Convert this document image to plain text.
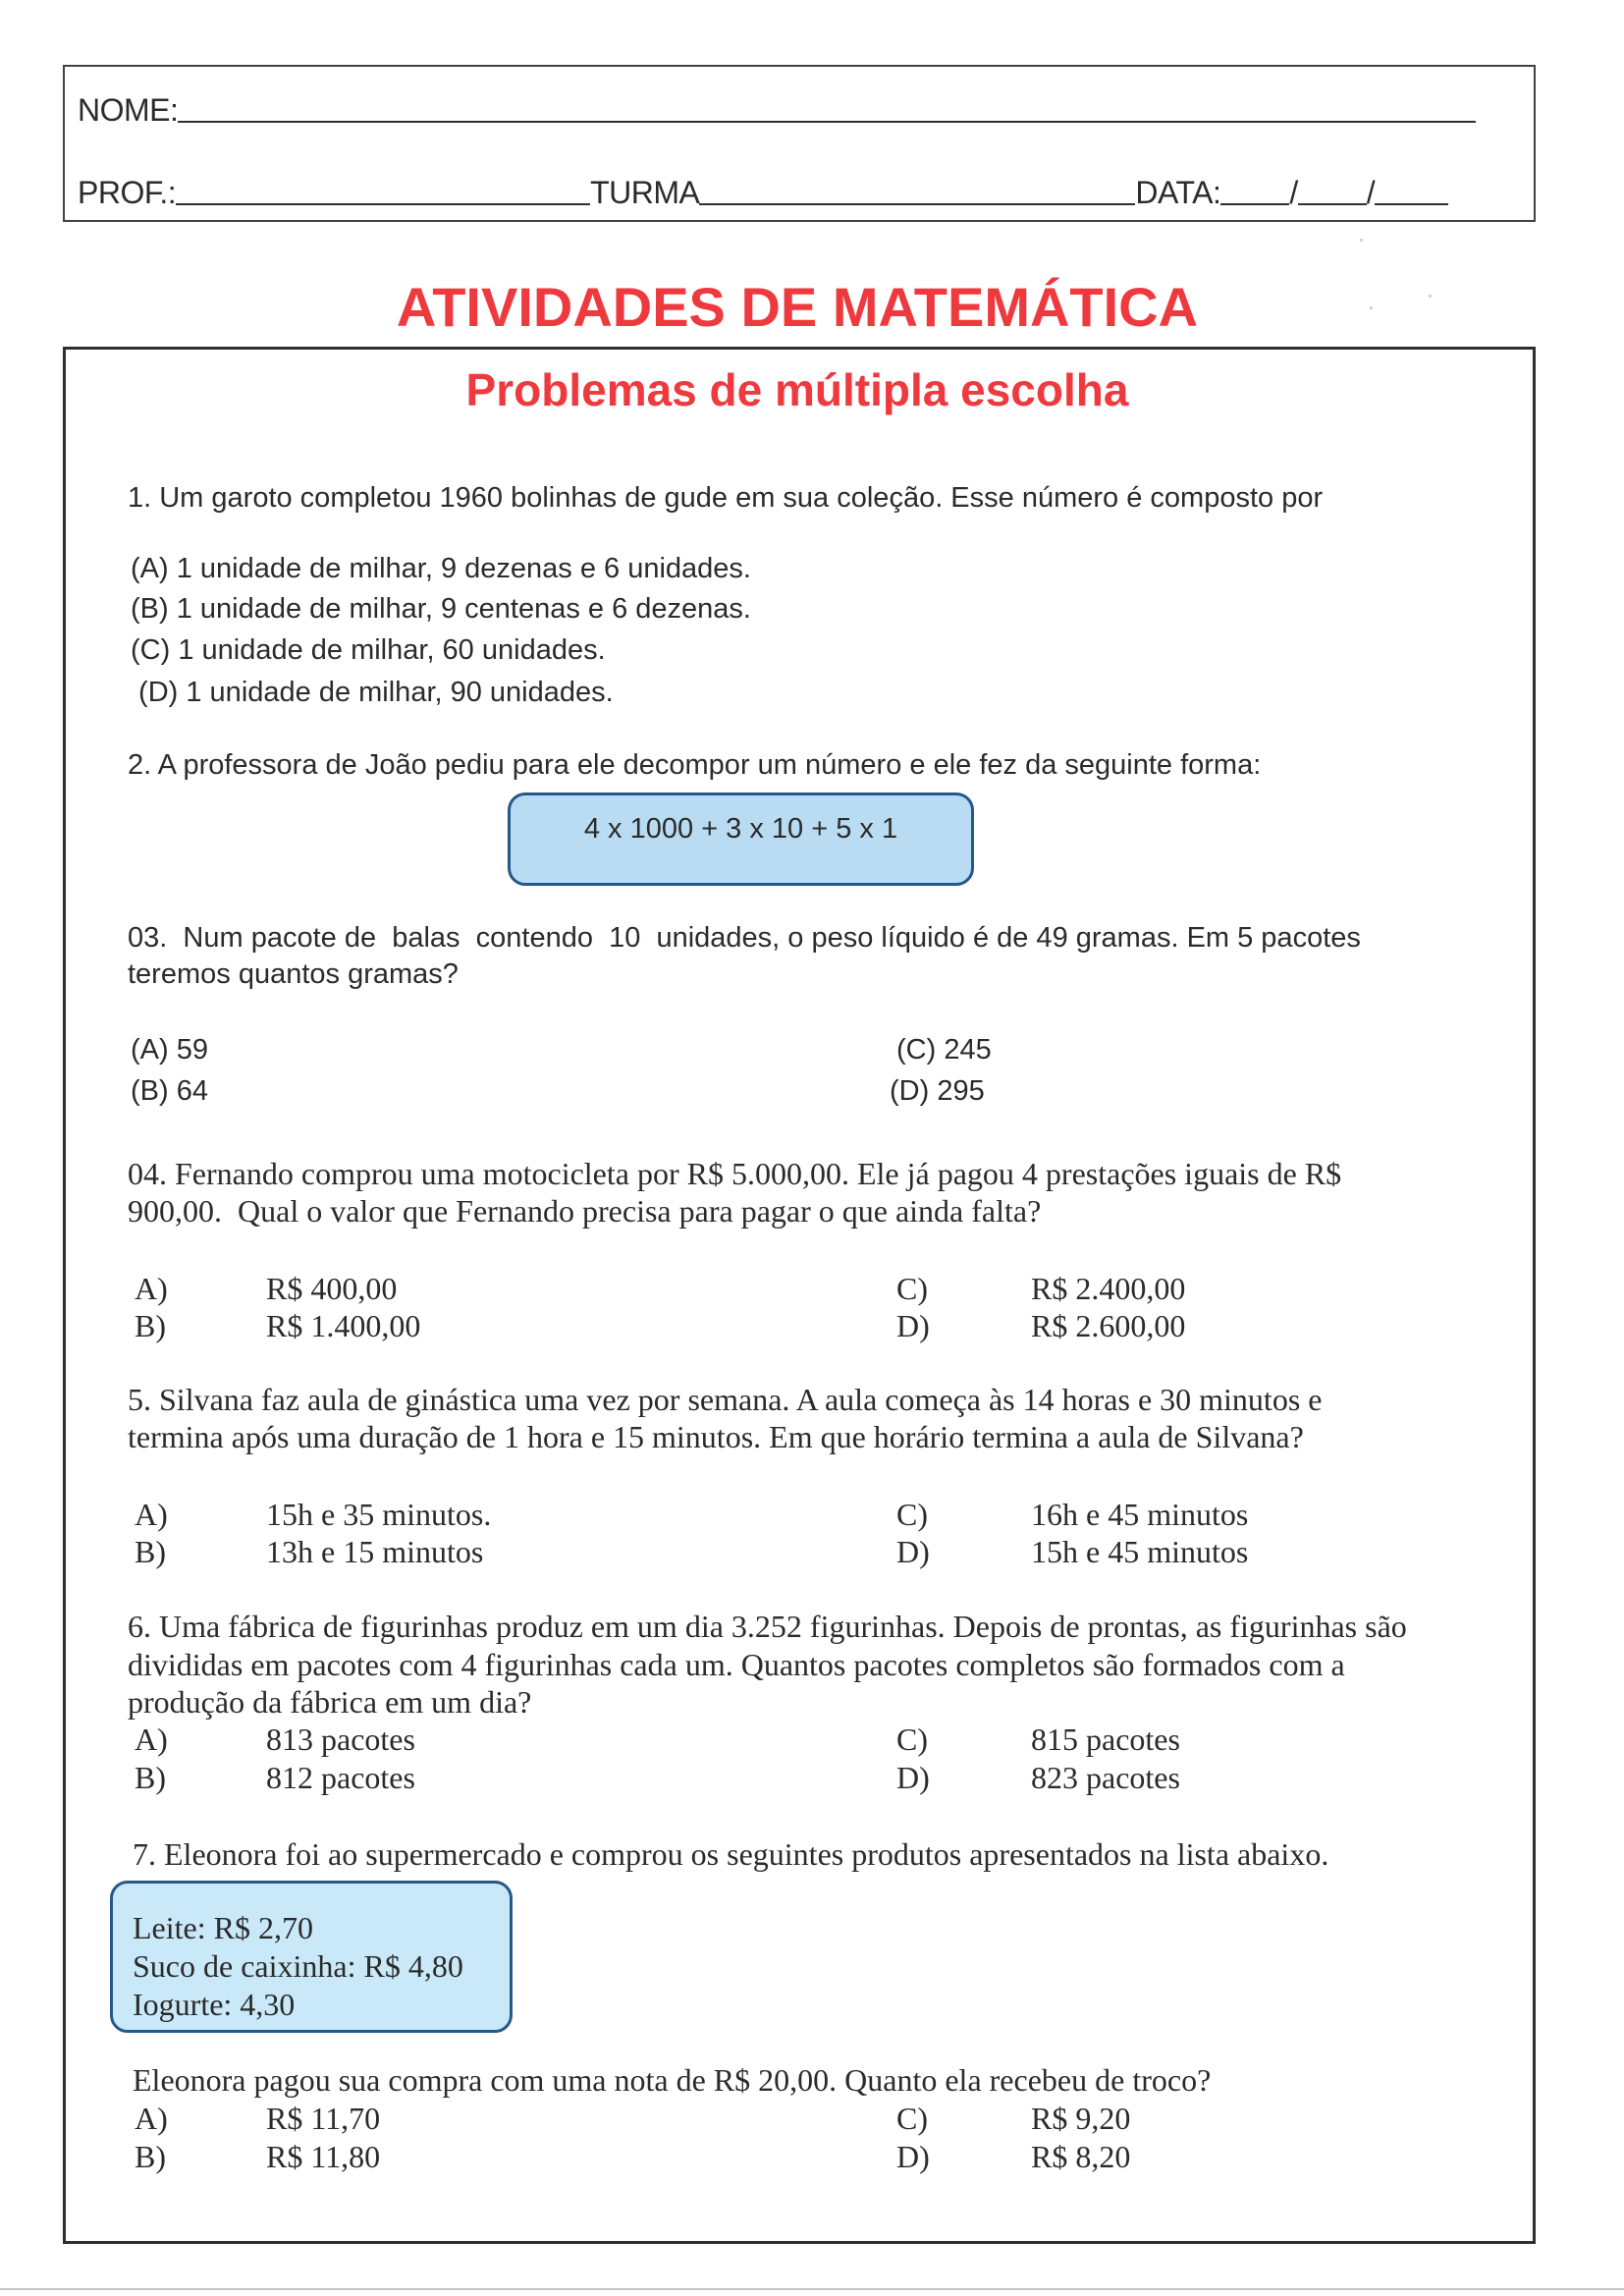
NOME:
PROF.:	TURMA	DATA: / /
ATIVIDADES DE MATEMÁTICA
Problemas de múltipla escolha
1. Um garoto completou 1960 bolinhas de gude em sua coleção. Esse número é composto por
(A) 1 unidade de milhar, 9 dezenas e 6 unidades.
(B) 1 unidade de milhar, 9 centenas e 6 dezenas.
(C) 1 unidade de milhar, 60 unidades.
(D) 1 unidade de milhar, 90 unidades.
2. A professora de João pediu para ele decompor um número e ele fez da seguinte forma:
4 x 1000 + 3 x 10 + 5 x 1
03.  Num pacote de  balas  contendo  10  unidades, o peso líquido é de 49 gramas. Em 5 pacotes
teremos quantos gramas?
(A) 59
(B) 64
(C) 245
(D) 295
04. Fernando comprou uma motocicleta por R$ 5.000,00. Ele já pagou 4 prestações iguais de R$
900,00.  Qual o valor que Fernando precisa para pagar o que ainda falta?
A)	R$ 400,00
B)	R$ 1.400,00
C)	R$ 2.400,00
D)	R$ 2.600,00
5. Silvana faz aula de ginástica uma vez por semana. A aula começa às 14 horas e 30 minutos e
termina após uma duração de 1 hora e 15 minutos. Em que horário termina a aula de Silvana?
A)	15h e 35 minutos.
B)	13h e 15 minutos
C)	16h e 45 minutos
D)	15h e 45 minutos
6. Uma fábrica de figurinhas produz em um dia 3.252 figurinhas. Depois de prontas, as figurinhas são
divididas em pacotes com 4 figurinhas cada um. Quantos pacotes completos são formados com a
produção da fábrica em um dia?
A)	813 pacotes
B)	812 pacotes
C)	815 pacotes
D)	823 pacotes
7. Eleonora foi ao supermercado e comprou os seguintes produtos apresentados na lista abaixo.
Leite: R$ 2,70
Suco de caixinha: R$ 4,80
Iogurte: 4,30
Eleonora pagou sua compra com uma nota de R$ 20,00. Quanto ela recebeu de troco?
A)	R$ 11,70
B)	R$ 11,80
C)	R$ 9,20
D)	R$ 8,20
